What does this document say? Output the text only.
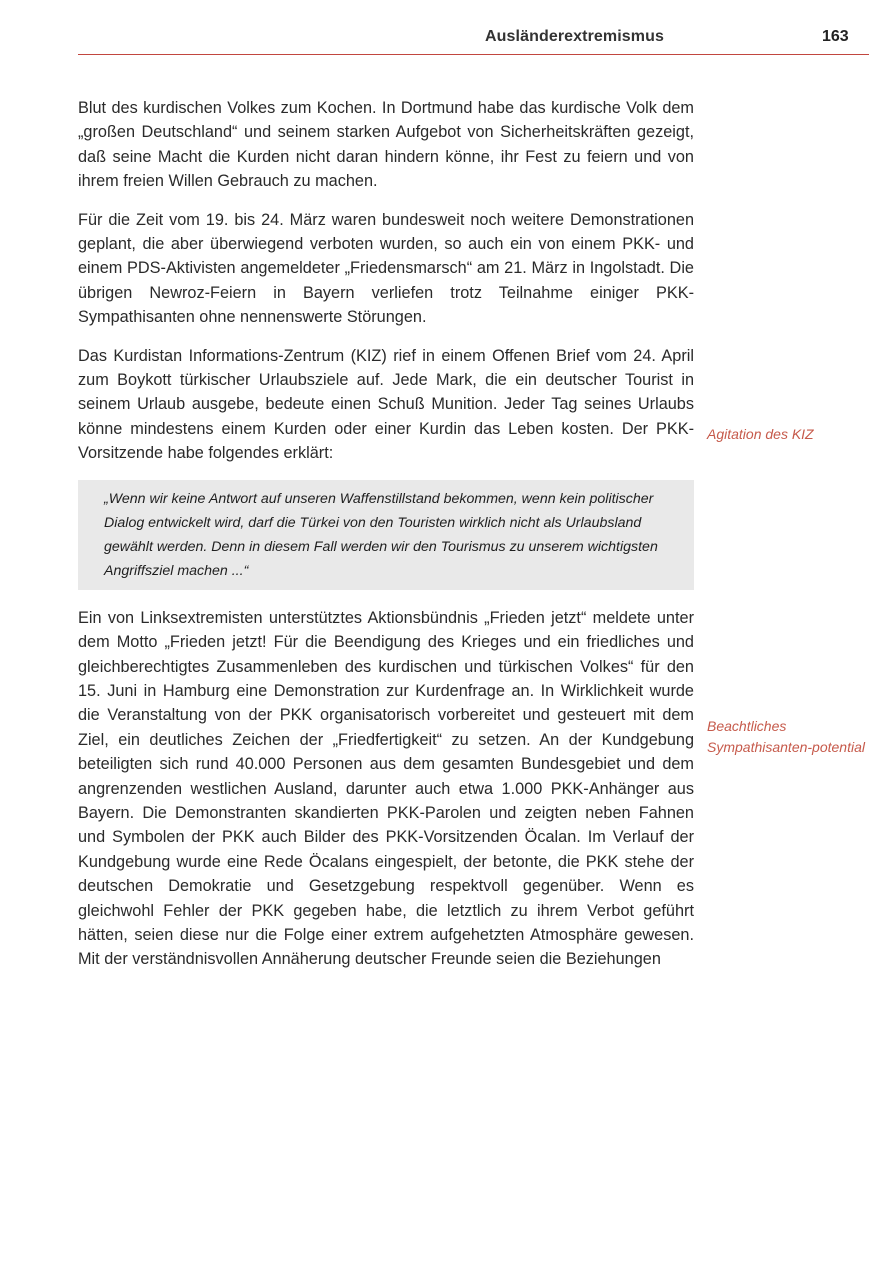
Ausländerextremismus	163

Blut des kurdischen Volkes zum Kochen. In Dortmund habe das kurdische Volk dem „großen Deutschland“ und seinem starken Aufgebot von Sicherheitskräften gezeigt, daß seine Macht die Kurden nicht daran hindern könne, ihr Fest zu feiern und von ihrem freien Willen Gebrauch zu machen.

Für die Zeit vom 19. bis 24. März waren bundesweit noch weitere Demonstrationen geplant, die aber überwiegend verboten wurden, so auch ein von einem PKK- und einem PDS-Aktivisten angemeldeter „Friedensmarsch“ am 21. März in Ingolstadt. Die übrigen Newroz-Feiern in Bayern verliefen trotz Teilnahme einiger PKK-Sympathisanten ohne nennenswerte Störungen.

Das Kurdistan Informations-Zentrum (KIZ) rief in einem Offenen Brief vom 24. April zum Boykott türkischer Urlaubsziele auf. Jede Mark, die ein deutscher Tourist in seinem Urlaub ausgebe, bedeute einen Schuß Munition. Jeder Tag seines Urlaubs könne mindestens einem Kurden oder einer Kurdin das Leben kosten. Der PKK-Vorsitzende habe folgendes erklärt:

„Wenn wir keine Antwort auf unseren Waffenstillstand bekommen, wenn kein politischer Dialog entwickelt wird, darf die Türkei von den Touristen wirklich nicht als Urlaubsland gewählt werden. Denn in diesem Fall werden wir den Tourismus zu unserem wichtigsten Angriffsziel machen ...“

Ein von Linksextremisten unterstütztes Aktionsbündnis „Frieden jetzt“ meldete unter dem Motto „Frieden jetzt! Für die Beendigung des Krieges und ein friedliches und gleichberechtigtes Zusammenleben des kurdischen und türkischen Volkes“ für den 15. Juni in Hamburg eine Demonstration zur Kurdenfrage an. In Wirklichkeit wurde die Veranstaltung von der PKK organisatorisch vorbereitet und gesteuert mit dem Ziel, ein deutliches Zeichen der „Friedfertigkeit“ zu setzen. An der Kundgebung beteiligten sich rund 40.000 Personen aus dem gesamten Bundesgebiet und dem angrenzenden westlichen Ausland, darunter auch etwa 1.000 PKK-Anhänger aus Bayern. Die Demonstranten skandierten PKK-Parolen und zeigten neben Fahnen und Symbolen der PKK auch Bilder des PKK-Vorsitzenden Öcalan. Im Verlauf der Kundgebung wurde eine Rede Öcalans eingespielt, der betonte, die PKK stehe der deutschen Demokratie und Gesetzgebung respektvoll gegenüber. Wenn es gleichwohl Fehler der PKK gegeben habe, die letztlich zu ihrem Verbot geführt hätten, seien diese nur die Folge einer extrem aufgehetzten Atmosphäre gewesen. Mit der verständnisvollen Annäherung deutscher Freunde seien die Beziehungen

Agitation des KIZ
Beachtliches Sympathisanten-potential
